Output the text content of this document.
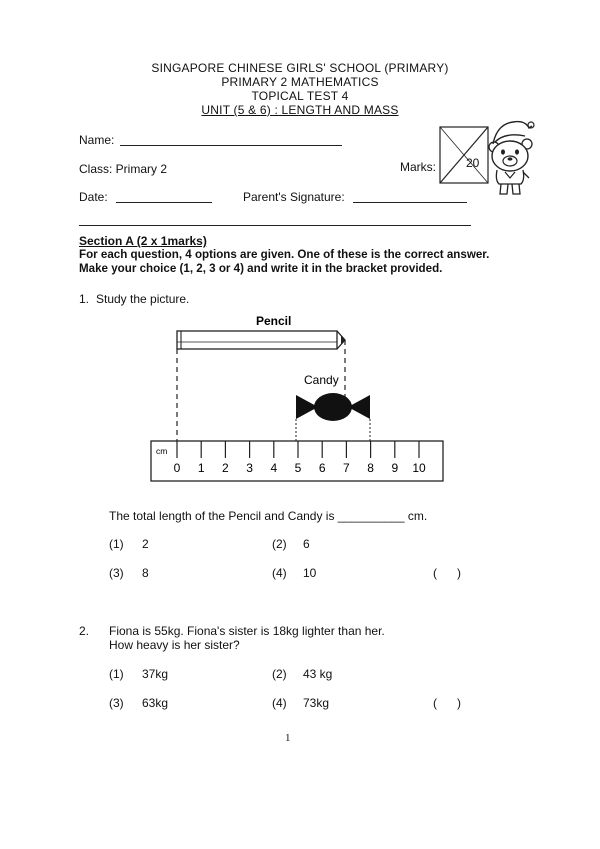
SINGAPORE CHINESE GIRLS' SCHOOL (PRIMARY)
PRIMARY 2 MATHEMATICS
TOPICAL TEST 4
UNIT (5 & 6) : LENGTH AND MASS
Name:
Class: Primary 2
Date:	Parent's Signature:
Marks:	20
Section A (2 x 1marks)
For each question, 4 options are given. One of these is the correct answer.
Make your choice (1, 2, 3 or 4) and write it in the bracket provided.
1. Study the picture.
Pencil
Candy
cm
0 1 2 3 4 5 6 7 8 9 10
The total length of the Pencil and Candy is __________ cm.
(1) 2	(2) 6
(3) 8	(4) 10	(      )
2. Fiona is 55kg. Fiona's sister is 18kg lighter than her.
How heavy is her sister?
(1) 37kg	(2) 43 kg
(3) 63kg	(4) 73kg	(      )
1
